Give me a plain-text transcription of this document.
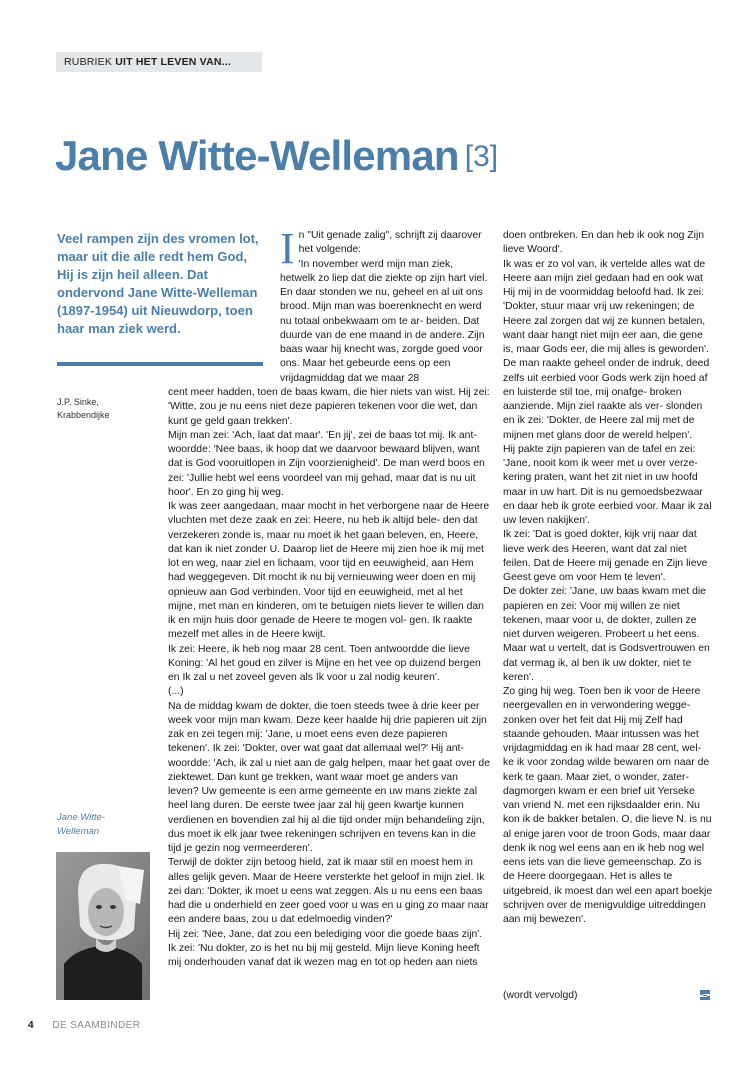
RUBRIEK UIT HET LEVEN VAN...
Jane Witte-Welleman [3]
Veel rampen zijn des vromen lot, maar uit die alle redt hem God, Hij is zijn heil alleen. Dat ondervond Jane Witte-Welleman (1897-1954) uit Nieuwdorp, toen haar man ziek werd.
J.P. Sinke,
Krabbendijke
Jane Witte-
Welleman
I n "Uit genade zalig", schrijft zij daarover het volgende:

'In november werd mijn man ziek, hetwelk zo liep dat die ziekte op zijn hart viel. En daar stonden we nu, geheel en al uit ons brood. Mijn man was boerenknecht en werd nu totaal onbekwaam om te ar- beiden. Dat duurde van de ene maand in de andere. Zijn baas waar hij knecht was, zorgde goed voor ons. Maar het gebeurde eens op een vrijdagmiddag dat we maar 28

cent meer hadden, toen de baas kwam, die hier niets van wist. Hij zei: 'Witte, zou je nu eens niet deze papieren tekenen voor die wet, dan kunt ge geld gaan trekken'.

Mijn man zei: 'Ach, laat dat maar'. 'En jij', zei de baas tot mij. Ik ant- woordde: 'Nee baas, ik hoop dat we daarvoor bewaard blijven, want dat is God vooruitlopen in Zijn voorzienigheid'. De man werd boos en zei: 'Jullie hebt wel eens voordeel van mij gehad, maar dat is nu uit hoor'. En zo ging hij weg.

Ik was zeer aangedaan, maar mocht in het verborgene naar de Heere vluchten met deze zaak en zei: Heere, nu heb ik altijd bele- den dat verzekeren zonde is, maar nu moet ik het gaan beleven, en, Heere, dat kan ik niet zonder U. Daarop liet de Heere mij zien hoe ik mij met lot en weg, naar ziel en lichaam, voor tijd en eeuwigheid, aan Hem had weggegeven. Dit mocht ik nu bij vernieuwing weer doen en mij opnieuw aan God verbinden. Voor tijd en eeuwigheid, met al het mijne, met man en kinderen, om te betuigen niets liever te willen dan ik en mijn huis door genade de Heere te mogen vol- gen. Ik raakte mezelf met alles in de Heere kwijt.

Ik zei: Heere, ik heb nog maar 28 cent. Toen antwoordde die lieve Koning: 'Al het goud en zilver is Mijne en het vee op duizend bergen en Ik zal u net zoveel geven als Ik voor u zal nodig keuren'.

(...)

Na de middag kwam de dokter, die toen steeds twee à drie keer per week voor mijn man kwam. Deze keer haalde hij drie papieren uit zijn zak en zei tegen mij: 'Jane, u moet eens even deze papieren tekenen'. Ik zei: 'Dokter, over wat gaat dat allemaal wel?' Hij ant- woordde: 'Ach, ik zal u niet aan de galg helpen, maar het gaat over de ziektewet. Dan kunt ge trekken, want waar moet ge anders van leven? Uw gemeente is een arme gemeente en uw mans ziekte zal heel lang duren. De eerste twee jaar zal hij geen kwartje kunnen verdienen en bovendien zal hij al die tijd onder mijn behandeling zijn, dus moet ik elk jaar twee rekeningen schrijven en tevens kan in die tijd je gezin nog vermeerderen'.

Terwijl de dokter zijn betoog hield, zat ik maar stil en moest hem in alles gelijk geven. Maar de Heere versterkte het geloof in mijn ziel. Ik zei dan: 'Dokter, ik moet u eens wat zeggen. Als u nu eens een baas had die u onderhield en zeer goed voor u was en u ging zo maar naar een andere baas, zou u dat edelmoedig vinden?'

Hij zei: 'Nee, Jane, dat zou een belediging voor die goede baas zijn'. Ik zei: 'Nu dokter, zo is het nu bij mij gesteld. Mijn lieve Koning heeft mij onderhouden vanaf dat ik wezen mag en tot op heden aan niets

doen ontbreken. En dan heb ik ook nog Zijn lieve Woord'.

Ik was er zo vol van, ik vertelde alles wat de Heere aan mijn ziel gedaan had en ook wat Hij mij in de voormiddag beloofd had. Ik zei: 'Dokter, stuur maar vrij uw rekeningen; de Heere zal zorgen dat wij ze kunnen betalen, want daar hangt niet mijn eer aan, die gene is, maar Gods eer, die mij alles is geworden'. De man raakte geheel onder de indruk, deed zelfs uit eerbied voor Gods werk zijn hoed af en luisterde stil toe, mij onafge- broken aanziende. Mijn ziel raakte als ver- slonden en ik zei: 'Dokter, de Heere zal mij met de mijnen met glans door de wereld helpen'.

Hij pakte zijn papieren van de tafel en zei: 'Jane, nooit kom ik weer met u over verze- kering praten, want het zit niet in uw hoofd maar in uw hart. Dit is nu gemoedsbezwaar en daar heb ik grote eerbied voor. Maar ik zal uw leven nakijken'.

Ik zei: 'Dat is goed dokter, kijk vrij naar dat lieve werk des Heeren, want dat zal niet feilen. Dat de Heere mij genade en Zijn lieve Geest geve om voor Hem te leven'.

De dokter zei: 'Jane, uw baas kwam met die papieren en zei: Voor mij willen ze niet tekenen, maar voor u, de dokter, zullen ze niet durven weigeren. Probeert u het eens. Maar wat u vertelt, dat is Godsvertrouwen en dat vermag ik, al ben ik uw dokter, niet te keren'.

Zo ging hij weg. Toen ben ik voor de Heere neergevallen en in verwondering wegge- zonken over het feit dat Hij mij Zelf had staande gehouden. Maar intussen was het vrijdagmiddag en ik had maar 28 cent, wel- ke ik voor zondag wilde bewaren om naar de kerk te gaan. Maar ziet, o wonder, zater- dagmorgen kwam er een brief uit Yerseke van vriend N. met een rijksdaalder erin. Nu kon ik de bakker betalen. O, die lieve N. is nu al enige jaren voor de troon Gods, maar daar denk ik nog wel eens aan en ik heb nog wel eens iets van die lieve gemeenschap. Zo is de Heere doorgegaan. Het is alles te uitgebreid, ik moest dan wel een apart boekje schrijven over de menigvuldige uitreddingen aan mij bewezen'.

(wordt vervolgd)
4 DE SAAMBINDER
